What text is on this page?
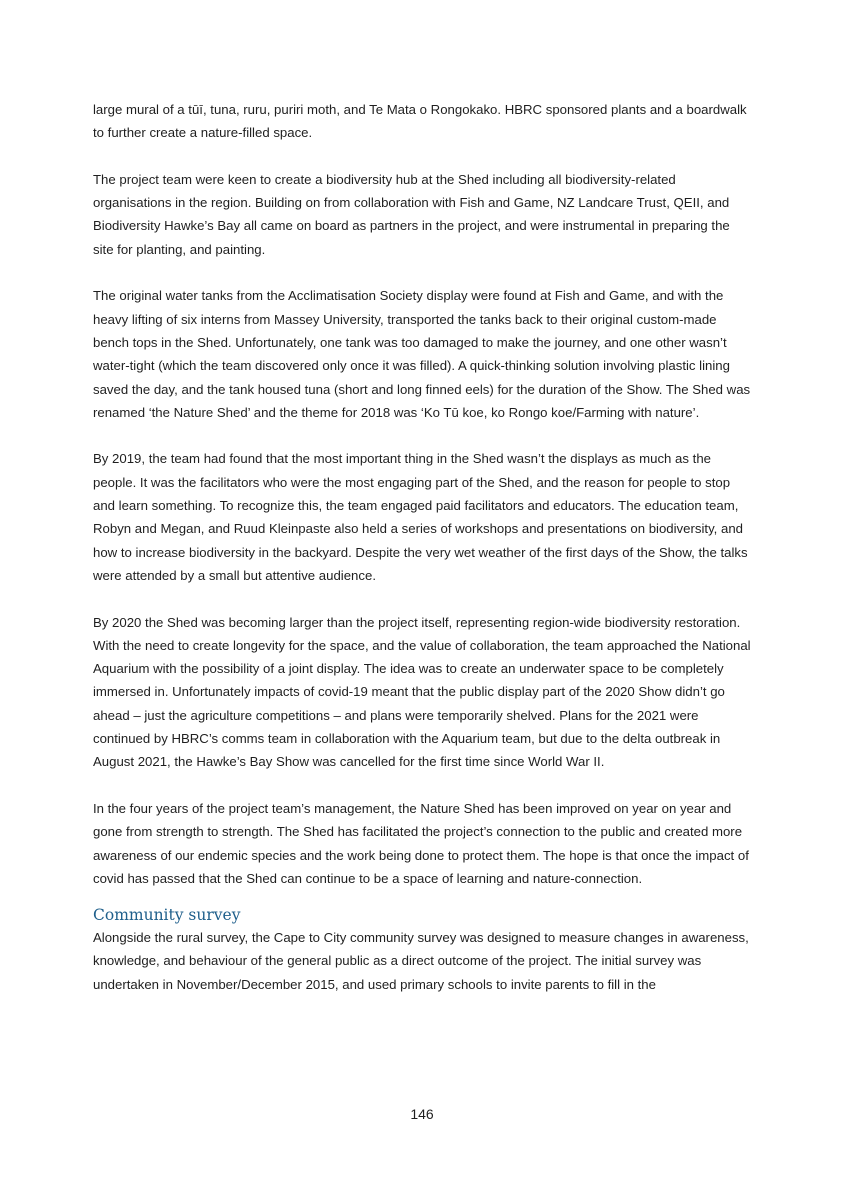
large mural of a tūī, tuna, ruru, puriri moth, and Te Mata o Rongokako. HBRC sponsored plants and a boardwalk to further create a nature-filled space.

The project team were keen to create a biodiversity hub at the Shed including all biodiversity-related organisations in the region. Building on from collaboration with Fish and Game, NZ Landcare Trust, QEII, and Biodiversity Hawke’s Bay all came on board as partners in the project, and were instrumental in preparing the site for planting, and painting.

The original water tanks from the Acclimatisation Society display were found at Fish and Game, and with the heavy lifting of six interns from Massey University, transported the tanks back to their original custom-made bench tops in the Shed. Unfortunately, one tank was too damaged to make the journey, and one other wasn’t water-tight (which the team discovered only once it was filled). A quick-thinking solution involving plastic lining saved the day, and the tank housed tuna (short and long finned eels) for the duration of the Show. The Shed was renamed ‘the Nature Shed’ and the theme for 2018 was ‘Ko Tū koe, ko Rongo koe/Farming with nature’.

By 2019, the team had found that the most important thing in the Shed wasn’t the displays as much as the people. It was the facilitators who were the most engaging part of the Shed, and the reason for people to stop and learn something. To recognize this, the team engaged paid facilitators and educators. The education team, Robyn and Megan, and Ruud Kleinpaste also held a series of workshops and presentations on biodiversity, and how to increase biodiversity in the backyard. Despite the very wet weather of the first days of the Show, the talks were attended by a small but attentive audience.

By 2020 the Shed was becoming larger than the project itself, representing region-wide biodiversity restoration. With the need to create longevity for the space, and the value of collaboration, the team approached the National Aquarium with the possibility of a joint display. The idea was to create an underwater space to be completely immersed in. Unfortunately impacts of covid-19 meant that the public display part of the 2020 Show didn’t go ahead – just the agriculture competitions – and plans were temporarily shelved. Plans for the 2021 were continued by HBRC’s comms team in collaboration with the Aquarium team, but due to the delta outbreak in August 2021, the Hawke’s Bay Show was cancelled for the first time since World War II.

In the four years of the project team’s management, the Nature Shed has been improved on year on year and gone from strength to strength. The Shed has facilitated the project’s connection to the public and created more awareness of our endemic species and the work being done to protect them. The hope is that once the impact of covid has passed that the Shed can continue to be a space of learning and nature-connection.

Community survey

Alongside the rural survey, the Cape to City community survey was designed to measure changes in awareness, knowledge, and behaviour of the general public as a direct outcome of the project. The initial survey was undertaken in November/December 2015, and used primary schools to invite parents to fill in the

146
